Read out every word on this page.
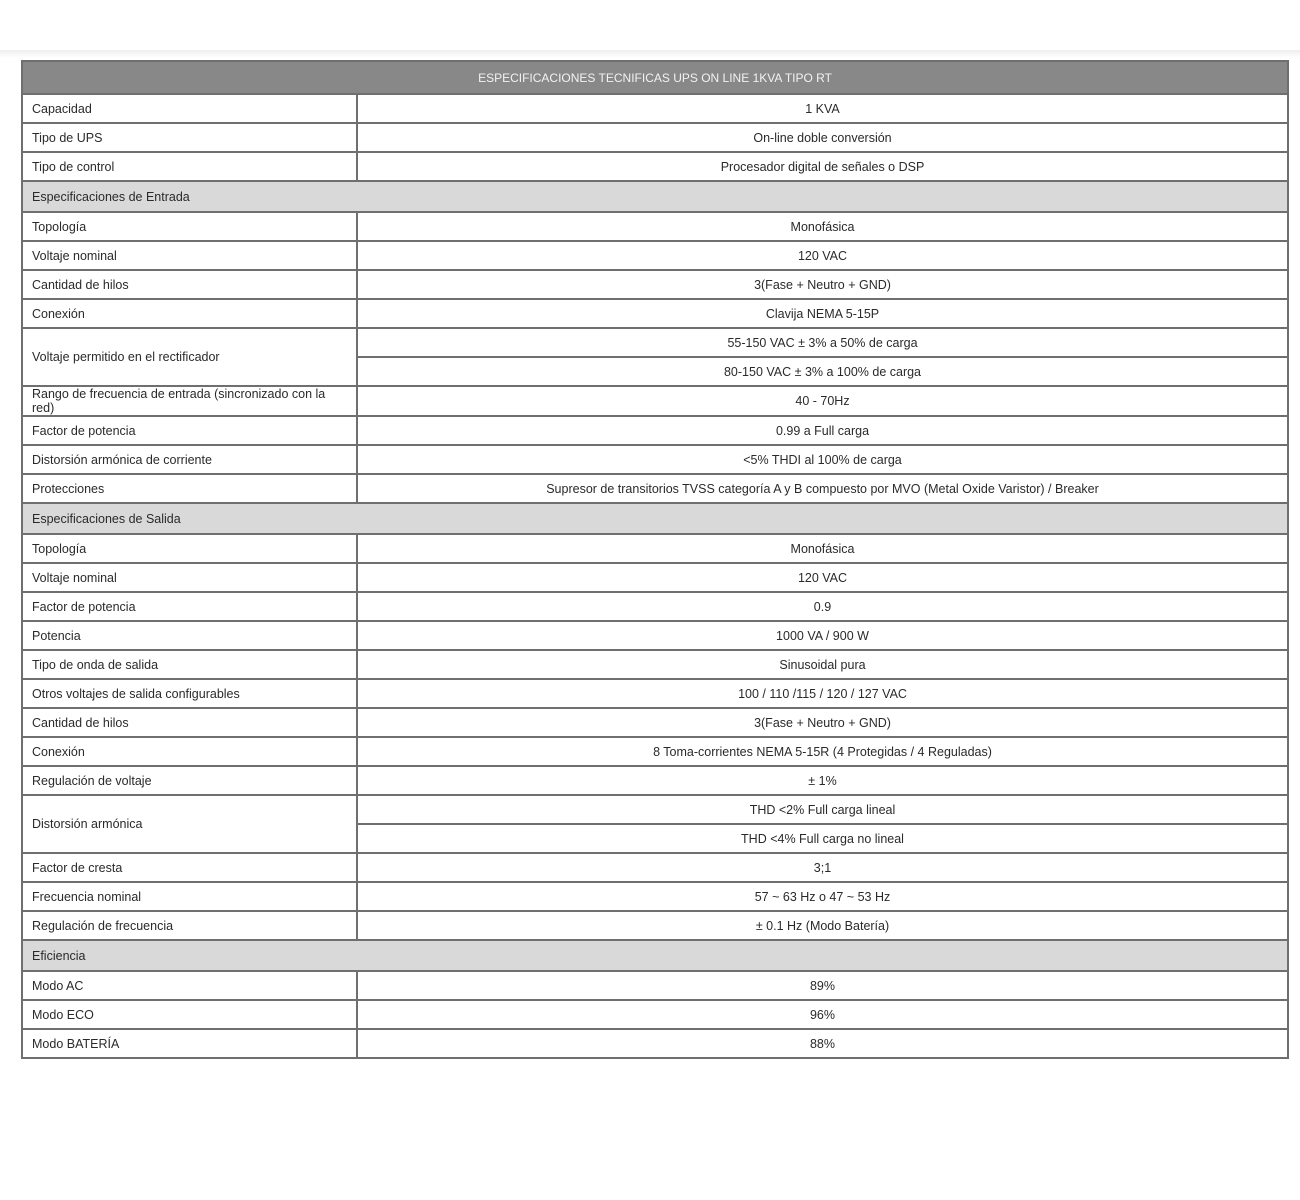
ESPECIFICACIONES TECNIFICAS UPS ON LINE 1KVA TIPO RT	
Capacidad	1 KVA
Tipo de UPS	On-line doble conversión
Tipo de control	Procesador digital de señales o DSP
Especificaciones de Entrada	
Topología	Monofásica
Voltaje nominal	120 VAC
Cantidad de hilos	3(Fase + Neutro + GND)
Conexión	Clavija NEMA 5-15P
Voltaje permitido en el rectificador	55-150 VAC ± 3% a 50% de carga
	80-150 VAC ± 3% a 100% de carga
Rango de frecuencia de entrada (sincronizado con la red)	40 - 70Hz
Factor de potencia	0.99 a Full carga
Distorsión armónica de corriente	<5% THDI al 100% de carga
Protecciones	Supresor de transitorios TVSS categoría A y B compuesto por MVO (Metal Oxide Varistor) / Breaker
Especificaciones de Salida	
Topología	Monofásica
Voltaje nominal	120 VAC
Factor de potencia	0.9
Potencia	1000 VA / 900 W
Tipo de onda de salida	Sinusoidal pura
Otros voltajes de salida configurables	100 / 110 /115 / 120 / 127 VAC
Cantidad de hilos	3(Fase + Neutro + GND)
Conexión	8 Toma-corrientes NEMA 5-15R (4 Protegidas / 4 Reguladas)
Regulación de voltaje	± 1%
Distorsión armónica	THD <2% Full carga lineal
	THD <4% Full carga no lineal
Factor de cresta	3;1
Frecuencia nominal	57 ~ 63 Hz o 47 ~ 53 Hz
Regulación de frecuencia	± 0.1 Hz (Modo Batería)
Eficiencia	
Modo AC	89%
Modo ECO	96%
Modo BATERÍA	88%
